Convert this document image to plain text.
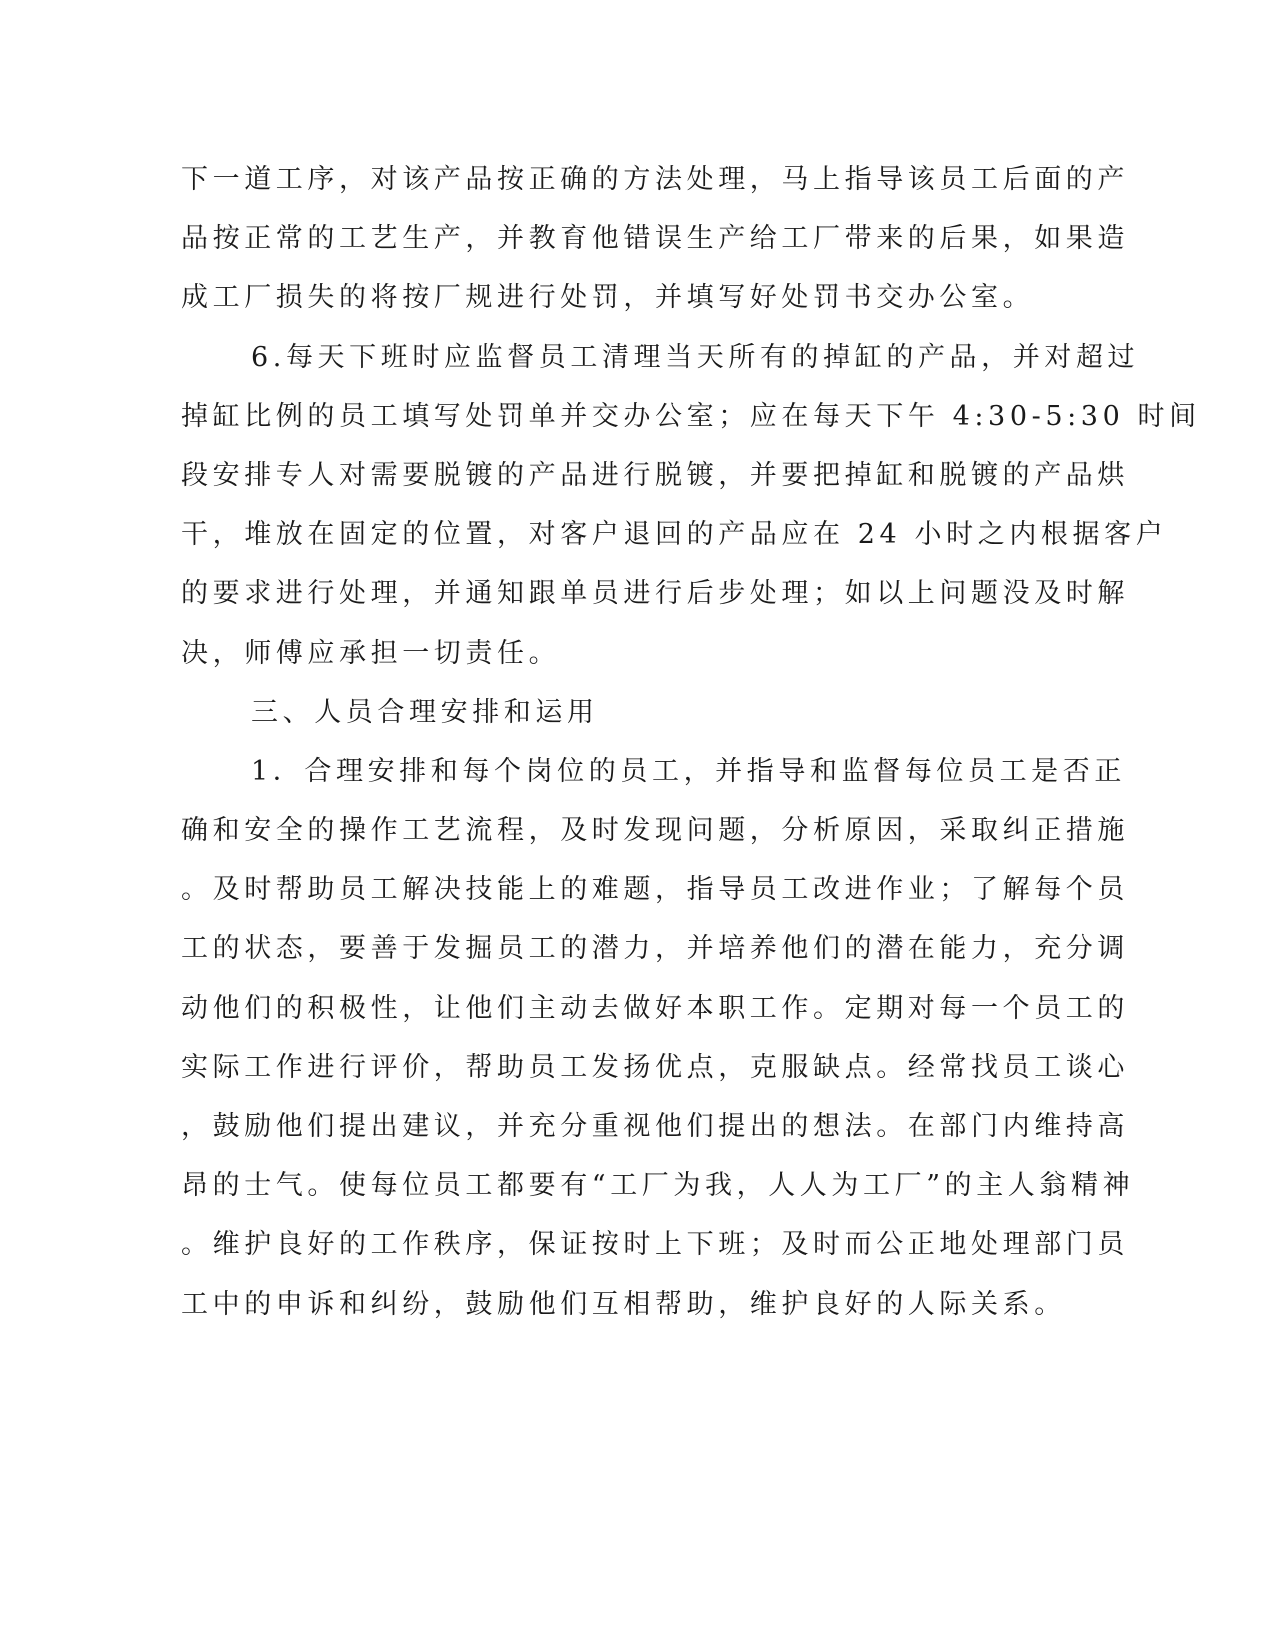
下一道工序，对该产品按正确的方法处理，马上指导该员工后面的产
品按正常的工艺生产，并教育他错误生产给工厂带来的后果，如果造
成工厂损失的将按厂规进行处罚，并填写好处罚书交办公室。
6.每天下班时应监督员工清理当天所有的掉缸的产品，并对超过
掉缸比例的员工填写处罚单并交办公室；应在每天下午 4:30-5:30 时间
段安排专人对需要脱镀的产品进行脱镀，并要把掉缸和脱镀的产品烘
干，堆放在固定的位置，对客户退回的产品应在 24 小时之内根据客户
的要求进行处理，并通知跟单员进行后步处理；如以上问题没及时解
决，师傅应承担一切责任。
三、人员合理安排和运用
1．合理安排和每个岗位的员工，并指导和监督每位员工是否正
确和安全的操作工艺流程，及时发现问题，分析原因，采取纠正措施
。及时帮助员工解决技能上的难题，指导员工改进作业；了解每个员
工的状态，要善于发掘员工的潜力，并培养他们的潜在能力，充分调
动他们的积极性，让他们主动去做好本职工作。定期对每一个员工的
实际工作进行评价，帮助员工发扬优点，克服缺点。经常找员工谈心
，鼓励他们提出建议，并充分重视他们提出的想法。在部门内维持高
昂的士气。使每位员工都要有“工厂为我，人人为工厂”的主人翁精神
。维护良好的工作秩序，保证按时上下班；及时而公正地处理部门员
工中的申诉和纠纷，鼓励他们互相帮助，维护良好的人际关系。
